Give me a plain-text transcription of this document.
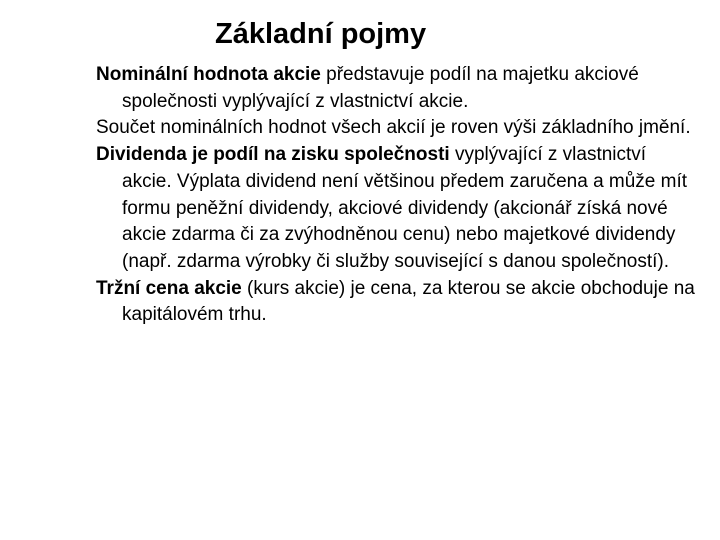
Základní pojmy

Nominální hodnota akcie představuje podíl na majetku akciové společnosti vyplývající z vlastnictví akcie.

Součet nominálních hodnot všech akcií je roven výši základního jmění.

Dividenda je podíl na zisku společnosti vyplývající z vlastnictví akcie. Výplata dividend není většinou předem zaručena a může mít formu peněžní dividendy, akciové dividendy (akcionář získá nové akcie zdarma či za zvýhodněnou cenu) nebo majetkové dividendy (např. zdarma výrobky či služby související s danou společností).

Tržní cena akcie (kurs akcie) je cena, za kterou se akcie obchoduje na kapitálovém trhu.
